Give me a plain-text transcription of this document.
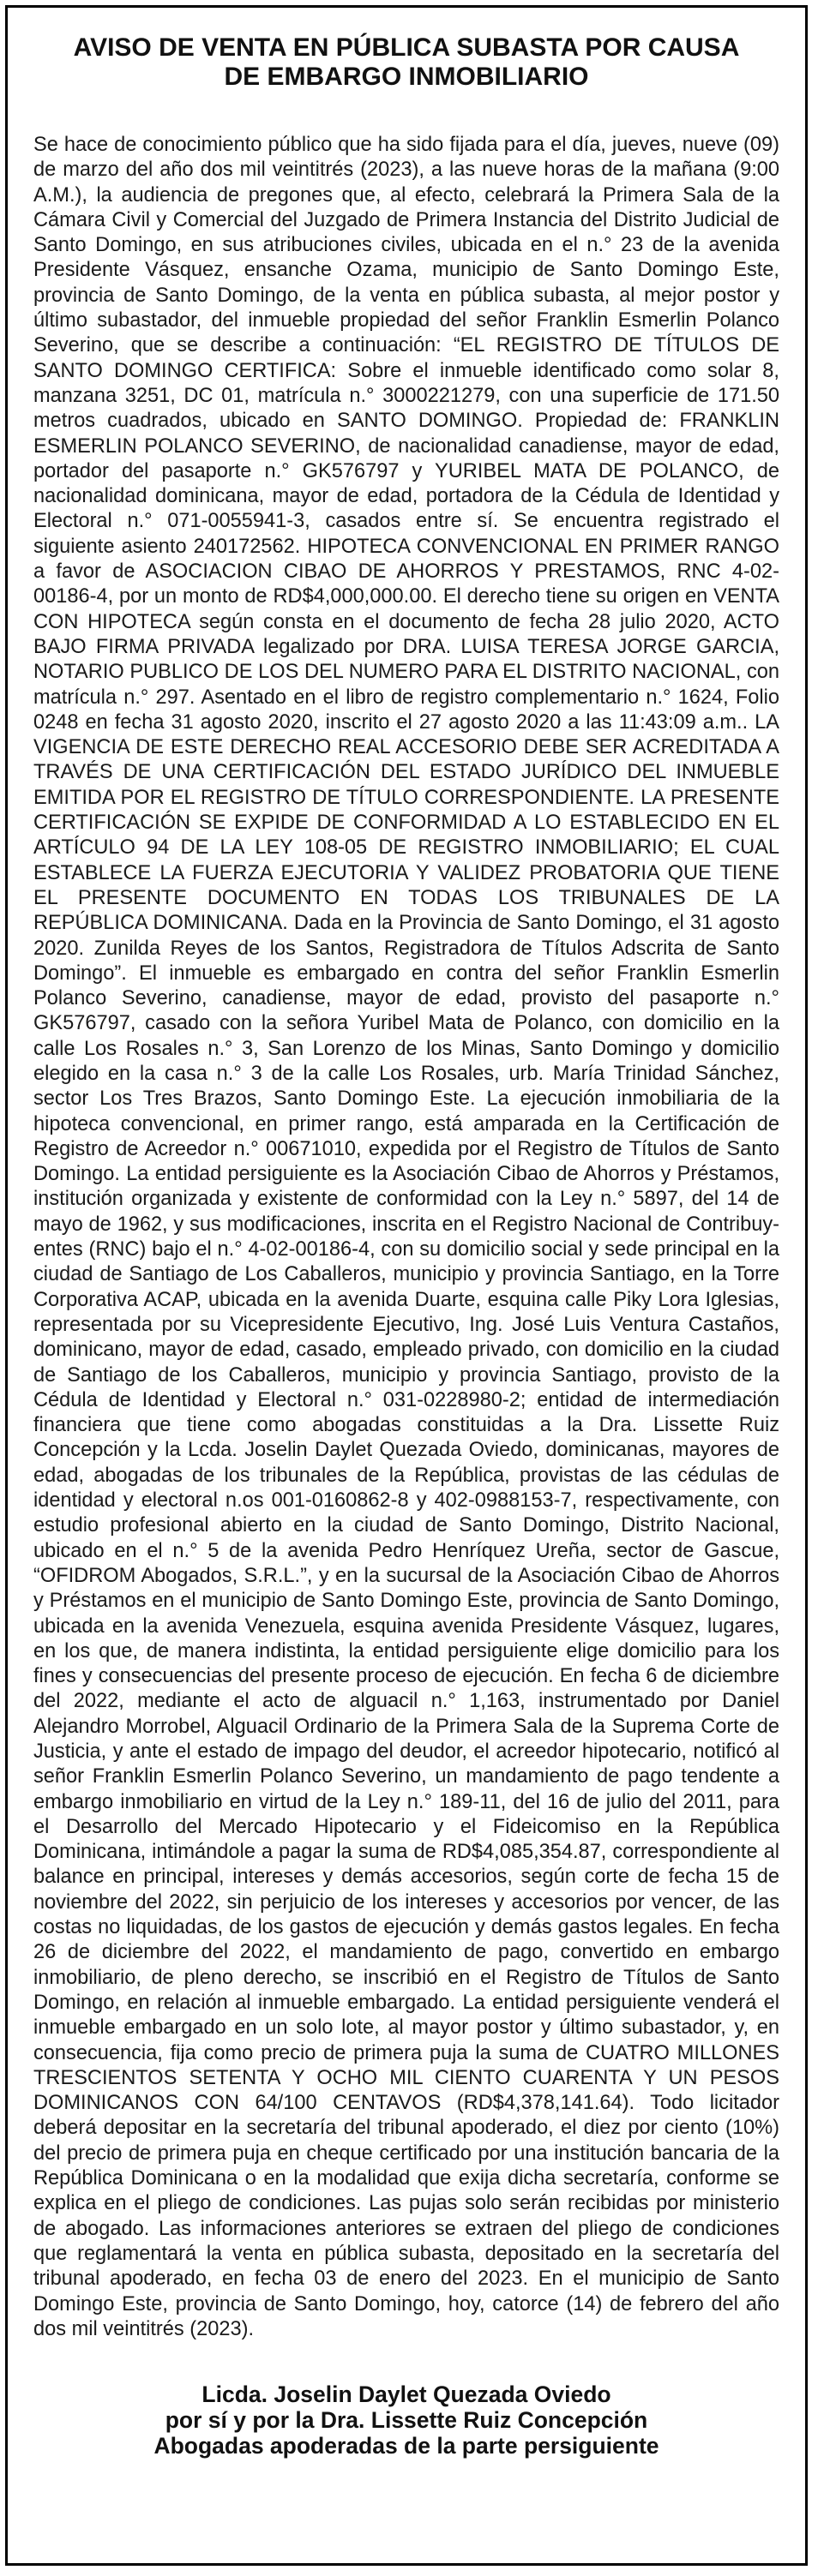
AVISO DE VENTA EN PÚBLICA SUBASTA POR CAUSA
DE EMBARGO INMOBILIARIO

Se hace de conocimiento público que ha sido fijada para el día, jueves, nueve (09) de marzo del año dos mil veintitrés (2023), a las nueve horas de la mañana (9:00 A.M.), la audiencia de pregones que, al efecto, celebrará la Primera Sala de la Cámara Civil y Comercial del Juzgado de Primera Instancia del Distrito Judicial de Santo Domingo, en sus atribuciones civiles, ubicada en el n.° 23 de la avenida Presidente Vásquez, ensanche Ozama, municipio de Santo Domingo Este, provincia de Santo Domingo, de la venta en pública subasta, al mejor postor y último subastador, del inmueble propiedad del señor Franklin Esmerlin Polanco Severino, que se describe a continuación: “EL REGISTRO DE TÍTULOS DE SANTO DOMINGO CERTIFICA: Sobre el inmueble identificado como solar 8, manzana 3251, DC 01, matrícula n.° 3000221279, con una superficie de 171.50 metros cuadrados, ubicado en SANTO DOMINGO. Propiedad de: FRANKLIN ESMERLIN POLANCO SEVERINO, de nacionalidad canadiense, mayor de edad, portador del pasaporte n.° GK576797 y YURIBEL MATA DE POLANCO, de nacionalidad dominicana, mayor de edad, portadora de la Cédula de Identidad y Electoral n.° 071-0055941-3, casados entre sí. Se encuentra registrado el siguiente asiento 240172562. HIPOTECA CONVENCIONAL EN PRIMER RANGO a favor de ASOCIACION CIBAO DE AHORROS Y PRESTAMOS, RNC 4-02-00186-4, por un monto de RD$4,000,000.00. El derecho tiene su origen en VENTA CON HIPOTECA según consta en el documento de fecha 28 julio 2020, ACTO BAJO FIRMA PRIVADA legalizado por DRA. LUISA TERESA JORGE GARCIA, NOTARIO PUBLICO DE LOS DEL NUMERO PARA EL DISTRITO NACIONAL, con matrícula n.° 297. Asentado en el libro de registro complementario n.° 1624, Folio 0248 en fecha 31 agosto 2020, inscrito el 27 agosto 2020 a las 11:43:09 a.m.. LA VIGENCIA DE ESTE DERECHO REAL ACCESORIO DEBE SER ACREDITADA A TRAVÉS DE UNA CERTIFICACIÓN DEL ESTADO JURÍDICO DEL INMUEBLE EMITIDA POR EL REGISTRO DE TÍTULO CORRESPONDIENTE. LA PRESENTE CERTIFICACIÓN SE EXPIDE DE CONFORMIDAD A LO ESTABLECIDO EN EL ARTÍCULO 94 DE LA LEY 108-05 DE REGISTRO INMOBILIARIO; EL CUAL ESTABLECE LA FUERZA EJECUTORIA Y VALIDEZ PROBATORIA QUE TIENE EL PRESENTE DOCUMENTO EN TODAS LOS TRIBUNALES DE LA REPÚBLICA DOMINICANA. Dada en la Provincia de Santo Domingo, el 31 agosto 2020. Zunilda Reyes de los Santos, Registradora de Títulos Adscrita de Santo Domingo”. El inmueble es embargado en contra del señor Franklin Esmerlin Polanco Severino, canadiense, mayor de edad, provisto del pasaporte n.° GK576797, casado con la señora Yuribel Mata de Polanco, con domicilio en la calle Los Rosales n.° 3, San Lorenzo de los Minas, Santo Domingo y domicilio elegido en la casa n.° 3 de la calle Los Rosales, urb. María Trinidad Sánchez, sector Los Tres Brazos, Santo Domingo Este. La ejecución inmobiliaria de la hipoteca convencional, en primer rango, está amparada en la Certificación de Registro de Acreedor n.° 00671010, expedida por el Registro de Títulos de Santo Domingo. La entidad persiguiente es la Asociación Cibao de Ahorros y Préstamos, institución organizada y existente de conformidad con la Ley n.° 5897, del 14 de mayo de 1962, y sus modificaciones, inscrita en el Registro Nacional de Contribuyentes (RNC) bajo el n.° 4-02-00186-4, con su domicilio social y sede principal en la ciudad de Santiago de Los Caballeros, municipio y provincia Santiago, en la Torre Corporativa ACAP, ubicada en la avenida Duarte, esquina calle Piky Lora Iglesias, representada por su Vicepresidente Ejecutivo, Ing. José Luis Ventura Castaños, dominicano, mayor de edad, casado, empleado privado, con domicilio en la ciudad de Santiago de los Caballeros, municipio y provincia Santiago, provisto de la Cédula de Identidad y Electoral n.° 031-0228980-2; entidad de intermediación financiera que tiene como abogadas constituidas a la Dra. Lissette Ruiz Concepción y la Lcda. Joselin Daylet Quezada Oviedo, dominicanas, mayores de edad, abogadas de los tribunales de la República, provistas de las cédulas de identidad y electoral n.os 001-0160862-8 y 402-0988153-7, respectivamente, con estudio profesional abierto en la ciudad de Santo Domingo, Distrito Nacional, ubicado en el n.° 5 de la avenida Pedro Henríquez Ureña, sector de Gascue, “OFIDROM Abogados, S.R.L.”, y en la sucursal de la Asociación Cibao de Ahorros y Préstamos en el municipio de Santo Domingo Este, provincia de Santo Domingo, ubicada en la avenida Venezuela, esquina avenida Presidente Vásquez, lugares, en los que, de manera indistinta, la entidad persiguiente elige domicilio para los fines y consecuencias del presente proceso de ejecución. En fecha 6 de diciembre del 2022, mediante el acto de alguacil n.° 1,163, instrumentado por Daniel Alejandro Morrobel, Alguacil Ordinario de la Primera Sala de la Suprema Corte de Justicia, y ante el estado de impago del deudor, el acreedor hipotecario, notificó al señor Franklin Esmerlin Polanco Severino, un mandamiento de pago tendente a embargo inmobiliario en virtud de la Ley n.° 189-11, del 16 de julio del 2011, para el Desarrollo del Mercado Hipotecario y el Fideicomiso en la República Dominicana, intimándole a pagar la suma de RD$4,085,354.87, correspondiente al balance en principal, intereses y demás accesorios, según corte de fecha 15 de noviembre del 2022, sin perjuicio de los intereses y accesorios por vencer, de las costas no liquidadas, de los gastos de ejecución y demás gastos legales. En fecha 26 de diciembre del 2022, el mandamiento de pago, convertido en embargo inmobiliario, de pleno derecho, se inscribió en el Registro de Títulos de Santo Domingo, en relación al inmueble embargado. La entidad persiguiente venderá el inmueble embargado en un solo lote, al mayor postor y último subastador, y, en consecuencia, fija como precio de primera puja la suma de CUATRO MILLONES TRESCIENTOS SETENTA Y OCHO MIL CIENTO CUARENTA Y UN PESOS DOMINICANOS CON 64/100 CENTAVOS (RD$4,378,141.64). Todo licitador deberá depositar en la secretaría del tribunal apoderado, el diez por ciento (10%) del precio de primera puja en cheque certificado por una institución bancaria de la República Dominicana o en la modalidad que exija dicha secretaría, conforme se explica en el pliego de condiciones. Las pujas solo serán recibidas por ministerio de abogado. Las informaciones anteriores se extraen del pliego de condiciones que reglamentará la venta en pública subasta, depositado en la secretaría del tribunal apoderado, en fecha 03 de enero del 2023. En el municipio de Santo Domingo Este, provincia de Santo Domingo, hoy, catorce (14) de febrero del año dos mil veintitrés (2023).

Licda. Joselin Daylet Quezada Oviedo
por sí y por la Dra. Lissette Ruiz Concepción
Abogadas apoderadas de la parte persiguiente
